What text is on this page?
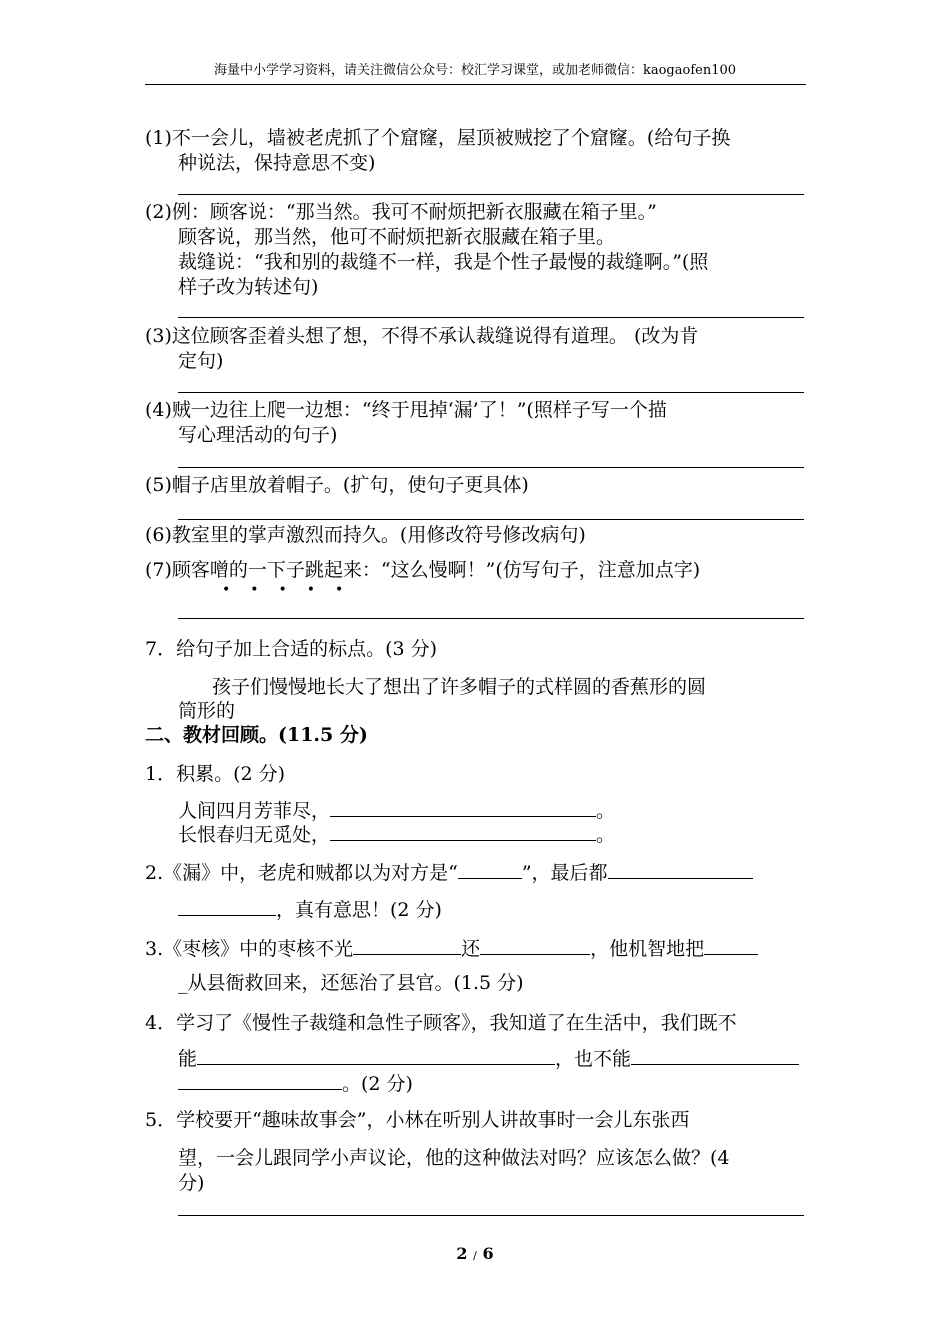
海量中小学学习资料，请关注微信公众号：校汇学习课堂，或加老师微信：kaogaofen100
(1)不一会儿，墙被老虎抓了个窟窿，屋顶被贼挖了个窟窿。(给句子换
种说法，保持意思不变)
(2)例：顾客说：“那当然。我可不耐烦把新衣服藏在箱子里。”
顾客说，那当然，他可不耐烦把新衣服藏在箱子里。
裁缝说：“我和别的裁缝不一样，我是个性子最慢的裁缝啊。”(照
样子改为转述句)
(3)这位顾客歪着头想了想，不得不承认裁缝说得有道理。 (改为肯
定句)
(4)贼一边往上爬一边想：“终于甩掉‘漏’了！”(照样子写一个描
写心理活动的句子)
(5)帽子店里放着帽子。(扩句，使句子更具体)
(6)教室里的掌声激烈而持久。(用修改符号修改病句)
(7)顾客噌的一下子跳起来：“这么慢啊！”(仿写句子，注意加点字)
•••••
7．给句子加上合适的标点。(3 分)
孩子们慢慢地长大了想出了许多帽子的式样圆的香蕉形的圆
筒形的
二、教材回顾。(11.5 分)
1．积累。(2 分)
人间四月芳菲尽，	。
长恨春归无觅处，	。
2.《漏》中，老虎和贼都以为对方是“	”，最后都
，真有意思！(2 分)
3.《枣核》中的枣核不光	还	，他机智地把
_从县衙救回来，还惩治了县官。(1.5 分)
4．学习了《慢性子裁缝和急性子顾客》，我知道了在生活中，我们既不
能	，也不能
。(2 分)
5．学校要开“趣味故事会”，小林在听别人讲故事时一会儿东张西
望，一会儿跟同学小声议论，他的这种做法对吗？应该怎么做？(4
分)
2 / 6
